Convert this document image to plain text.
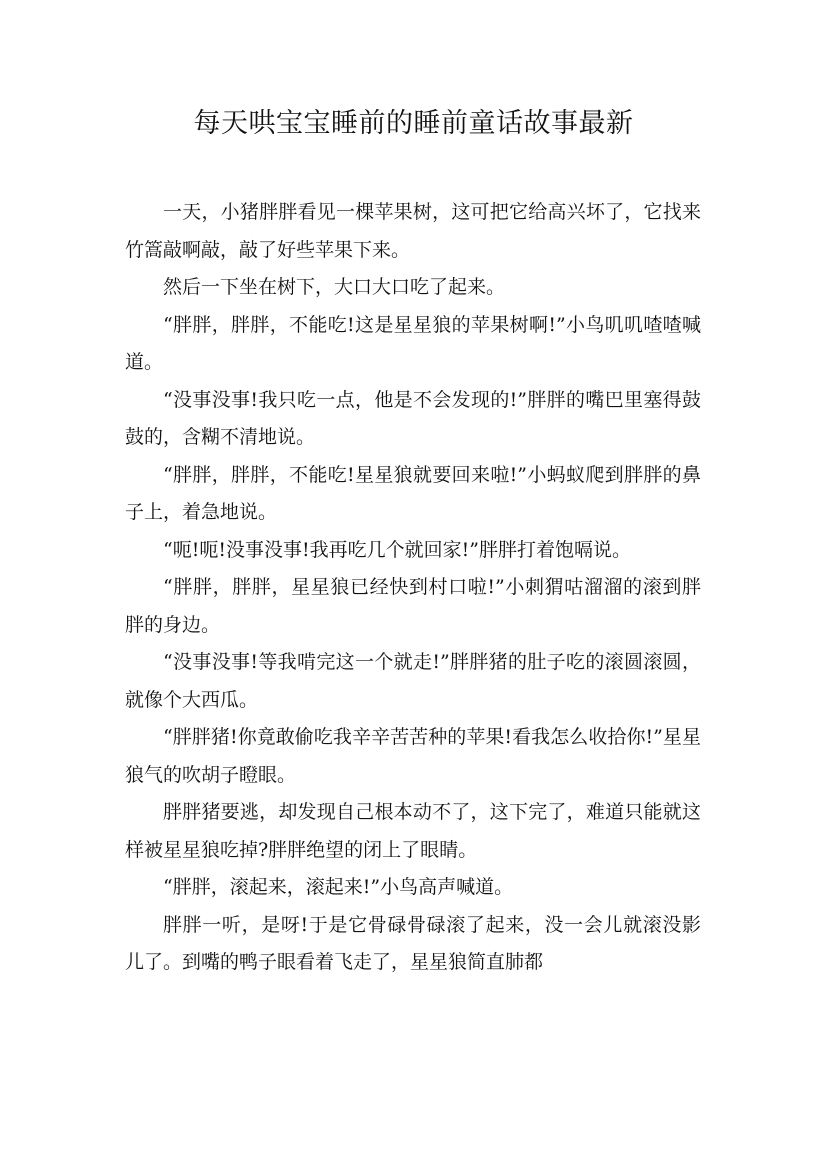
每天哄宝宝睡前的睡前童话故事最新

一天，小猪胖胖看见一棵苹果树，这可把它给高兴坏了，它找来竹篙敲啊敲，敲了好些苹果下来。

然后一下坐在树下，大口大口吃了起来。

“胖胖，胖胖，不能吃!这是星星狼的苹果树啊!”小鸟叽叽喳喳喊道。

“没事没事!我只吃一点，他是不会发现的!”胖胖的嘴巴里塞得鼓鼓的，含糊不清地说。

“胖胖，胖胖，不能吃!星星狼就要回来啦!”小蚂蚁爬到胖胖的鼻子上，着急地说。

“呃!呃!没事没事!我再吃几个就回家!”胖胖打着饱嗝说。

“胖胖，胖胖，星星狼已经快到村口啦!”小刺猬咕溜溜的滚到胖胖的身边。

“没事没事!等我啃完这一个就走!”胖胖猪的肚子吃的滚圆滚圆，就像个大西瓜。

“胖胖猪!你竟敢偷吃我辛辛苦苦种的苹果!看我怎么收拾你!”星星狼气的吹胡子瞪眼。

胖胖猪要逃，却发现自己根本动不了，这下完了，难道只能就这样被星星狼吃掉?胖胖绝望的闭上了眼睛。

“胖胖，滚起来，滚起来!”小鸟高声喊道。

胖胖一听，是呀!于是它骨碌骨碌滚了起来，没一会儿就滚没影儿了。到嘴的鸭子眼看着飞走了，星星狼简直肺都
